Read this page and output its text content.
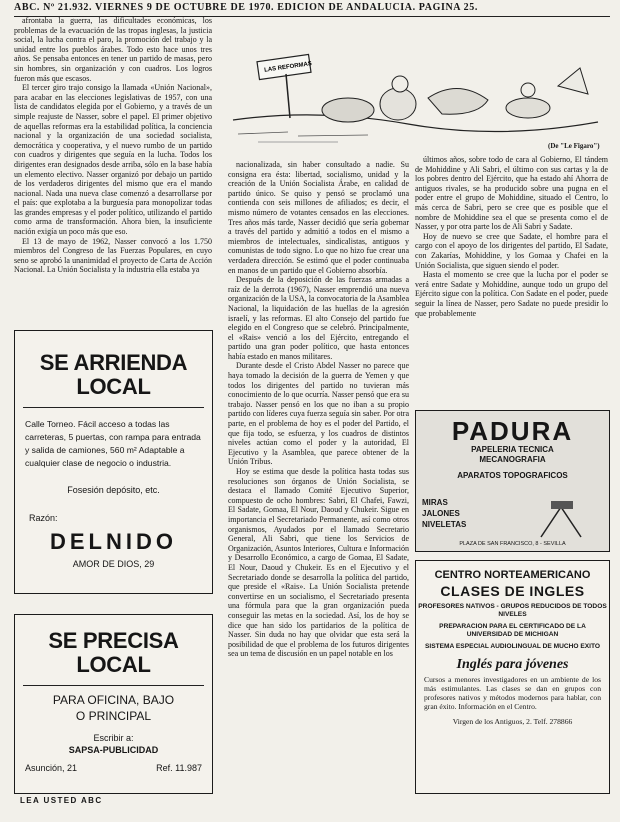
ABC. Nº 21.932. VIERNES 9 DE OCTUBRE DE 1970. EDICION DE ANDALUCIA. PAGINA 25.

afrontaba la guerra, las dificultades económicas, los problemas de la evacuación de las tropas inglesas, la justicia social, la lucha contra el paro, la promoción del trabajo y la unidad entre los pueblos árabes. Todo esto hace unos tres años. Se pensaba entonces en tener un partido de masas, pero sin hombres, sin organización y con cuadros. Los logros fueron más que escasos.

El tercer giro trajo consigo la llamada «Unión Nacional», para acabar en las elecciones legislativas de 1957, con una lista de candidatos elegida por el Gobierno, y a través de un simple reajuste de Nasser, sobre el papel. El primer objetivo de aquellas reformas era la estabilidad política, la conciencia nacional y la organización de una sociedad socialista, democrática y cooperativa, y el nuevo rumbo de un partido con cuadros y dirigentes que seguía en la lucha. Todos los dirigentes eran designados desde arriba, sólo en la base había un elemento electivo. Nasser organizó por debajo un partido de los verdaderos dirigentes del mismo que era el mando nacional. Nada una nueva clase comenzó a desarrollarse por el país: que explotaba a la burguesía para monopolizar todas las grandes empresas y el poder político, utilizando el partido como arma de transformación. Ahora bien, la insuficiente nación exigía un poco más que eso.

El 13 de mayo de 1962, Nasser convocó a los 1.750 miembros del Congreso de las Fuerzas Populares, en cuyo seno se aprobó la unanimidad el proyecto de Carta de Acción Nacional. La Unión Socialista y la industria ella estaba ya

LAS REFORMAS
(De "Le Figaro")

nacionalizada, sin haber consultado a nadie. Su consigna era ésta: libertad, socialismo, unidad y la creación de la Unión Socialista Árabe, en calidad de partido único. Se quiso y pensó se proclamó una contienda con seis millones de afiliados; es decir, el mismo número de votantes censados en las elecciones. Tres años más tarde, Nasser decidió que sería gobernar a través del partido y admitió a todos en el mismo a miembros de intelectuales, sindicalistas, antiguos y comunistas de todo signo. Lo que no hizo fue crear una verdadera dirección. Se estimó que el poder continuaba en manos de un partido que el Gobierno absorbía.

Después de la deposición de las fuerzas armadas a raíz de la derrota (1967), Nasser emprendió una nueva organización de la USA, la convocatoria de la Asamblea Nacional, la liquidación de las huellas de la agresión israelí, y las reformas. El alto Consejo del partido fue elegido en el Congreso que se celebró. Principalmente, el «Rais» venció a los del Ejército, entregando el partido una gran poder político, que hasta entonces había estado en manos militares.

Durante desde el Cristo Abdel Nasser no parece que haya tomado la decisión de la guerra de Yemen y que todos los dirigentes del partido no tuvieran más conocimiento de lo que ocurría. Nasser pensó que era su trabajo. Nasser pensó en los que no iban a su propio partido con líderes cuya fuerza seguía sin saber. Por otra parte, en el problema de hoy es el poder del Partido, el que fija todo, se esfuerza, y los cuadros de distintos niveles actúan como el poder y la autoridad, El Ejecutivo y la Asamblea, que parece obtener de la Unión Tribus.

Hoy se estima que desde la política hasta todas sus resoluciones son órganos de Unión Socialista, se destaca el llamado Comité Ejecutivo Superior, compuesto de ocho hombres: Sabri, El Chafei, Fawzi, El Sadate, Gomaa, El Nour, Daoud y Chukeir. Sigue en importancia el Secretariado Permanente, así como otros organismos, Ayudados por el llamado Secretario General, Ali Sabri, que tiene los Servicios de Organización, Asuntos Interiores, Cultura e Información y Desarrollo Económico, a cargo de Gomaa, El Sadate, El Nour, Daoud y Chukeir. Es en el Ejecutivo y el Secretariado donde se desarrolla la política del partido, que preside el «Rais». La Unión Socialista pretende convertirse en un socialismo, el Secretariado presenta una fórmula para que la gran organización pueda conseguir las metas en la sociedad. Así, los de hoy se dice que han sido los partidarios de la política de Nasser. Sin duda no hay que olvidar que esta será la posibilidad de que el problema de los futuros dirigentes sea un tema de discusión en un papel notable en los

últimos años, sobre todo de cara al Gobierno, El tándem de Mohiddine y Ali Sabri, el último con sus cartas y la de los pobres dentro del Ejército, que ha estado ahí Ahorra de antiguos rivales, se ha producido sobre una pugna en el poder entre el grupo de Mohiddine, situado el Centro, lo más cerca de Sabri, pero se cree que es posible que el nombre de Mohiddine sea el que se presenta como el de Nasser, y por otra parte los de Ali Sabri y Sadate.

Hoy de nuevo se cree que Sadate, el hombre para el cargo con el apoyo de los dirigentes del partido, El Sadate, con Zakarías, Mohiddine, y los Gomaa y Chafei en la Unión Socialista, que siguen siendo el poder.

Hasta el momento se cree que la lucha por el poder se verá entre Sadate y Mohiddine, aunque todo un grupo del Ejército sigue con la política. Con Sadate en el poder, puede seguir la línea de Nasser, pero Sadate no puede presidir lo que probablemente

SE ARRIENDA LOCAL
Calle Torneo. Fácil acceso a todas las carreteras, 5 puertas, con rampa para entrada y salida de camiones, 560 m² Adaptable a cualquier clase de negocio o industria.
Fosesión depósito, etc.
Razón:
DELNIDO
AMOR DE DIOS, 29
SE PRECISA LOCAL
PARA OFICINA, BAJO
O PRINCIPAL
Escribir a:
SAPSA-PUBLICIDAD
Asunción, 21	Ref. 11.987
LEA USTED ABC
PADURA
PAPELERIA TECNICA
MECANOGRAFIA
APARATOS TOPOGRAFICOS
MIRAS
JALONES
NIVELETAS
PLAZA DE SAN FRANCISCO, 8 - SEVILLA
CENTRO NORTEAMERICANO
CLASES DE INGLES
PROFESORES NATIVOS - GRUPOS REDUCIDOS DE TODOS NIVELES
PREPARACION PARA EL CERTIFICADO DE LA UNIVERSIDAD DE MICHIGAN
SISTEMA ESPECIAL AUDIOLINGUAL DE MUCHO EXITO
Inglés para jóvenes
Cursos a menores investigadores en un ambiente de los más estimulantes. Las clases se dan en grupos con profesores nativos y métodos modernos para hablar, con gran éxito. Información en el Centro.
Virgen de los Antiguos, 2. Telf. 278866
